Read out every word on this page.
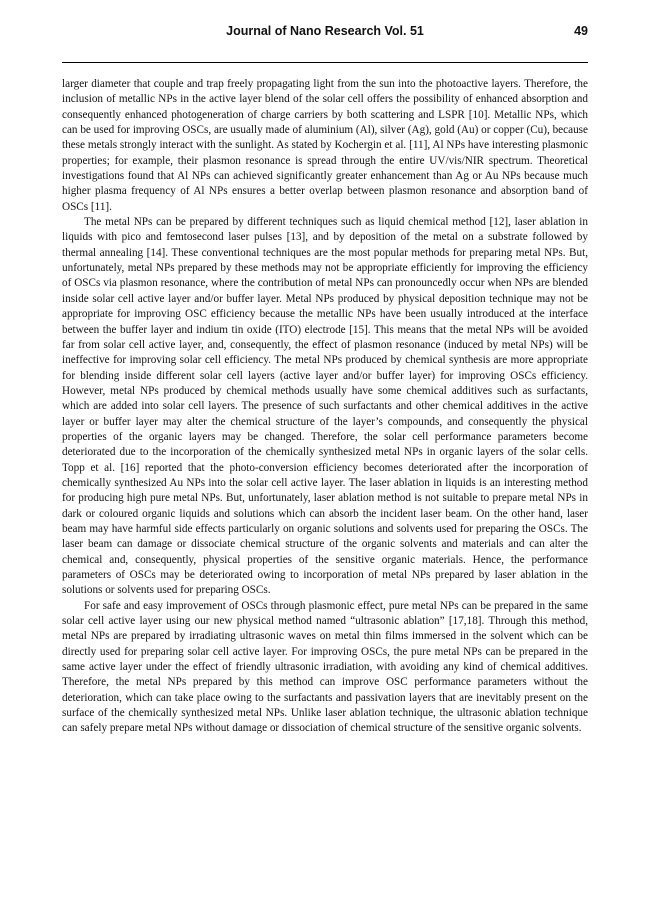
Journal of Nano Research Vol. 51	49

larger diameter that couple and trap freely propagating light from the sun into the photoactive layers. Therefore, the inclusion of metallic NPs in the active layer blend of the solar cell offers the possibility of enhanced absorption and consequently enhanced photogeneration of charge carriers by both scattering and LSPR [10]. Metallic NPs, which can be used for improving OSCs, are usually made of aluminium (Al), silver (Ag), gold (Au) or copper (Cu), because these metals strongly interact with the sunlight. As stated by Kochergin et al. [11], Al NPs have interesting plasmonic properties; for example, their plasmon resonance is spread through the entire UV/vis/NIR spectrum. Theoretical investigations found that Al NPs can achieved significantly greater enhancement than Ag or Au NPs because much higher plasma frequency of Al NPs ensures a better overlap between plasmon resonance and absorption band of OSCs [11].

The metal NPs can be prepared by different techniques such as liquid chemical method [12], laser ablation in liquids with pico and femtosecond laser pulses [13], and by deposition of the metal on a substrate followed by thermal annealing [14]. These conventional techniques are the most popular methods for preparing metal NPs. But, unfortunately, metal NPs prepared by these methods may not be appropriate efficiently for improving the efficiency of OSCs via plasmon resonance, where the contribution of metal NPs can pronouncedly occur when NPs are blended inside solar cell active layer and/or buffer layer. Metal NPs produced by physical deposition technique may not be appropriate for improving OSC efficiency because the metallic NPs have been usually introduced at the interface between the buffer layer and indium tin oxide (ITO) electrode [15]. This means that the metal NPs will be avoided far from solar cell active layer, and, consequently, the effect of plasmon resonance (induced by metal NPs) will be ineffective for improving solar cell efficiency. The metal NPs produced by chemical synthesis are more appropriate for blending inside different solar cell layers (active layer and/or buffer layer) for improving OSCs efficiency. However, metal NPs produced by chemical methods usually have some chemical additives such as surfactants, which are added into solar cell layers. The presence of such surfactants and other chemical additives in the active layer or buffer layer may alter the chemical structure of the layer’s compounds, and consequently the physical properties of the organic layers may be changed. Therefore, the solar cell performance parameters become deteriorated due to the incorporation of the chemically synthesized metal NPs in organic layers of the solar cells. Topp et al. [16] reported that the photo-conversion efficiency becomes deteriorated after the incorporation of chemically synthesized Au NPs into the solar cell active layer. The laser ablation in liquids is an interesting method for producing high pure metal NPs. But, unfortunately, laser ablation method is not suitable to prepare metal NPs in dark or coloured organic liquids and solutions which can absorb the incident laser beam. On the other hand, laser beam may have harmful side effects particularly on organic solutions and solvents used for preparing the OSCs. The laser beam can damage or dissociate chemical structure of the organic solvents and materials and can alter the chemical and, consequently, physical properties of the sensitive organic materials. Hence, the performance parameters of OSCs may be deteriorated owing to incorporation of metal NPs prepared by laser ablation in the solutions or solvents used for preparing OSCs.

For safe and easy improvement of OSCs through plasmonic effect, pure metal NPs can be prepared in the same solar cell active layer using our new physical method named “ultrasonic ablation” [17,18]. Through this method, metal NPs are prepared by irradiating ultrasonic waves on metal thin films immersed in the solvent which can be directly used for preparing solar cell active layer. For improving OSCs, the pure metal NPs can be prepared in the same active layer under the effect of friendly ultrasonic irradiation, with avoiding any kind of chemical additives. Therefore, the metal NPs prepared by this method can improve OSC performance parameters without the deterioration, which can take place owing to the surfactants and passivation layers that are inevitably present on the surface of the chemically synthesized metal NPs. Unlike laser ablation technique, the ultrasonic ablation technique can safely prepare metal NPs without damage or dissociation of chemical structure of the sensitive organic solvents.
